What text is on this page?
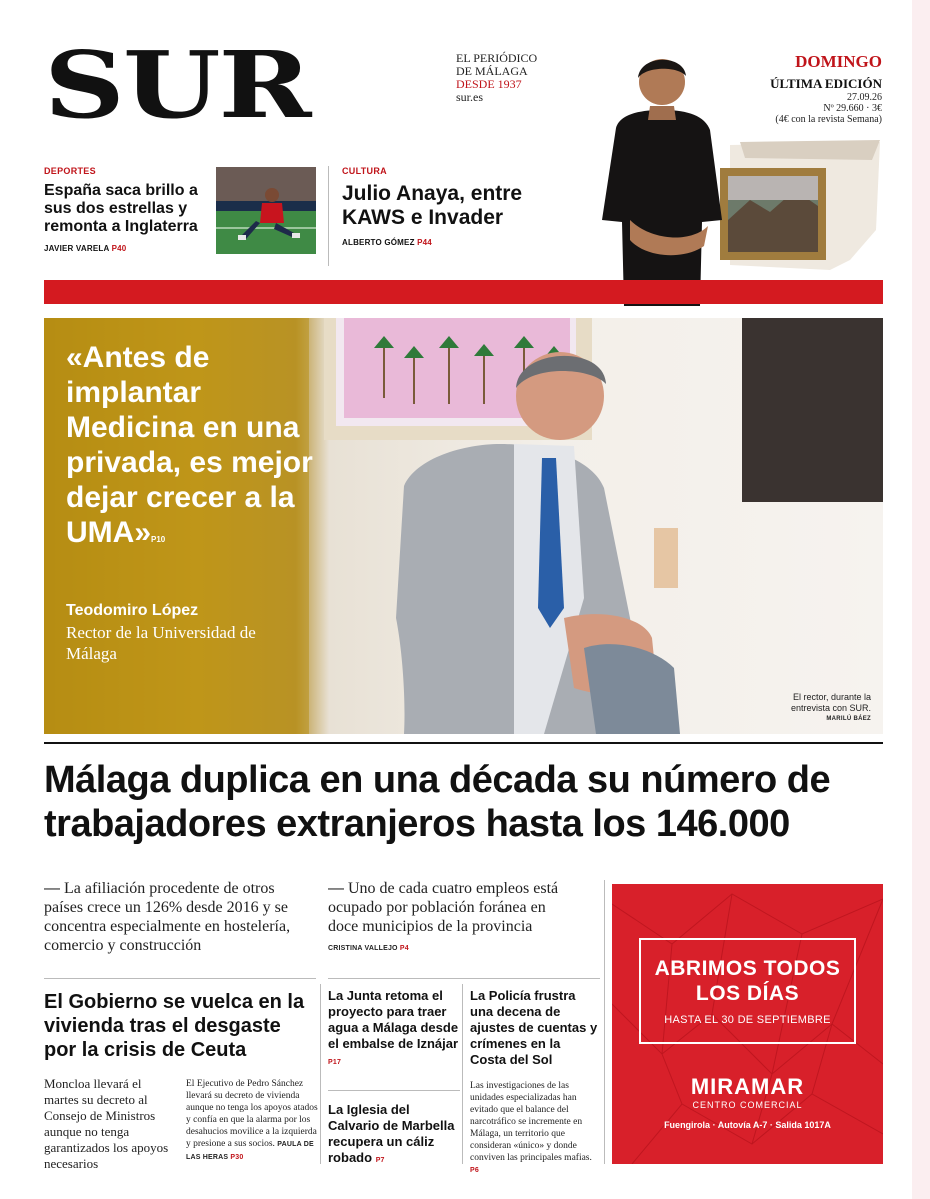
SUR	EL PERIÓDICO
DE MÁLAGA
DESDE 1937
sur.es
DOMINGO
ÚLTIMA EDICIÓN
27.09.26
Nº 29.660 · 3€
(4€ con la revista Semana)
DEPORTES
España saca brillo a sus dos estrellas y remonta a Inglaterra
JAVIER VARELA P40
CULTURA
Julio Anaya, entre KAWS e Invader
ALBERTO GÓMEZ P44
«Antes de implantar Medicina en una privada, es mejor dejar crecer a la UMA»P10
Teodomiro López
Rector de la Universidad de Málaga
El rector, durante la entrevista con SUR.
MARILÚ BÁEZ
Málaga duplica en una década su número de trabajadores extranjeros hasta los 146.000
— La afiliación procedente de otros países crece un 126% desde 2016 y se concentra especialmente en hostelería, comercio y construcción
— Uno de cada cuatro empleos está ocupado por población foránea en doce municipios de la provincia CRISTINA VALLEJO P4
El Gobierno se vuelca en la vivienda tras el desgaste por la crisis de Ceuta
Moncloa llevará el martes su decreto al Consejo de Ministros aunque no tenga garantizados los apoyos necesarios
El Ejecutivo de Pedro Sánchez llevará su decreto de vivienda aunque no tenga los apoyos atados y confía en que la alarma por los desahucios movilice a la izquierda y presione a sus socios. PAULA DE LAS HERAS P30
La Junta retoma el proyecto para traer agua a Málaga desde el embalse de Iznájar P17
La Iglesia del Calvario de Marbella recupera un cáliz robado P7
La Policía frustra una decena de ajustes de cuentas y crímenes en la Costa del Sol
Las investigaciones de las unidades especializadas han evitado que el balance del narcotráfico se incremente en Málaga, un territorio que consideran «único» y donde conviven las principales mafias. P6
ABRIMOS TODOS
LOS DÍAS
HASTA EL 30 DE SEPTIEMBRE
MIRAMAR
CENTRO COMERCIAL
Fuengirola · Autovía A-7 · Salida 1017A
